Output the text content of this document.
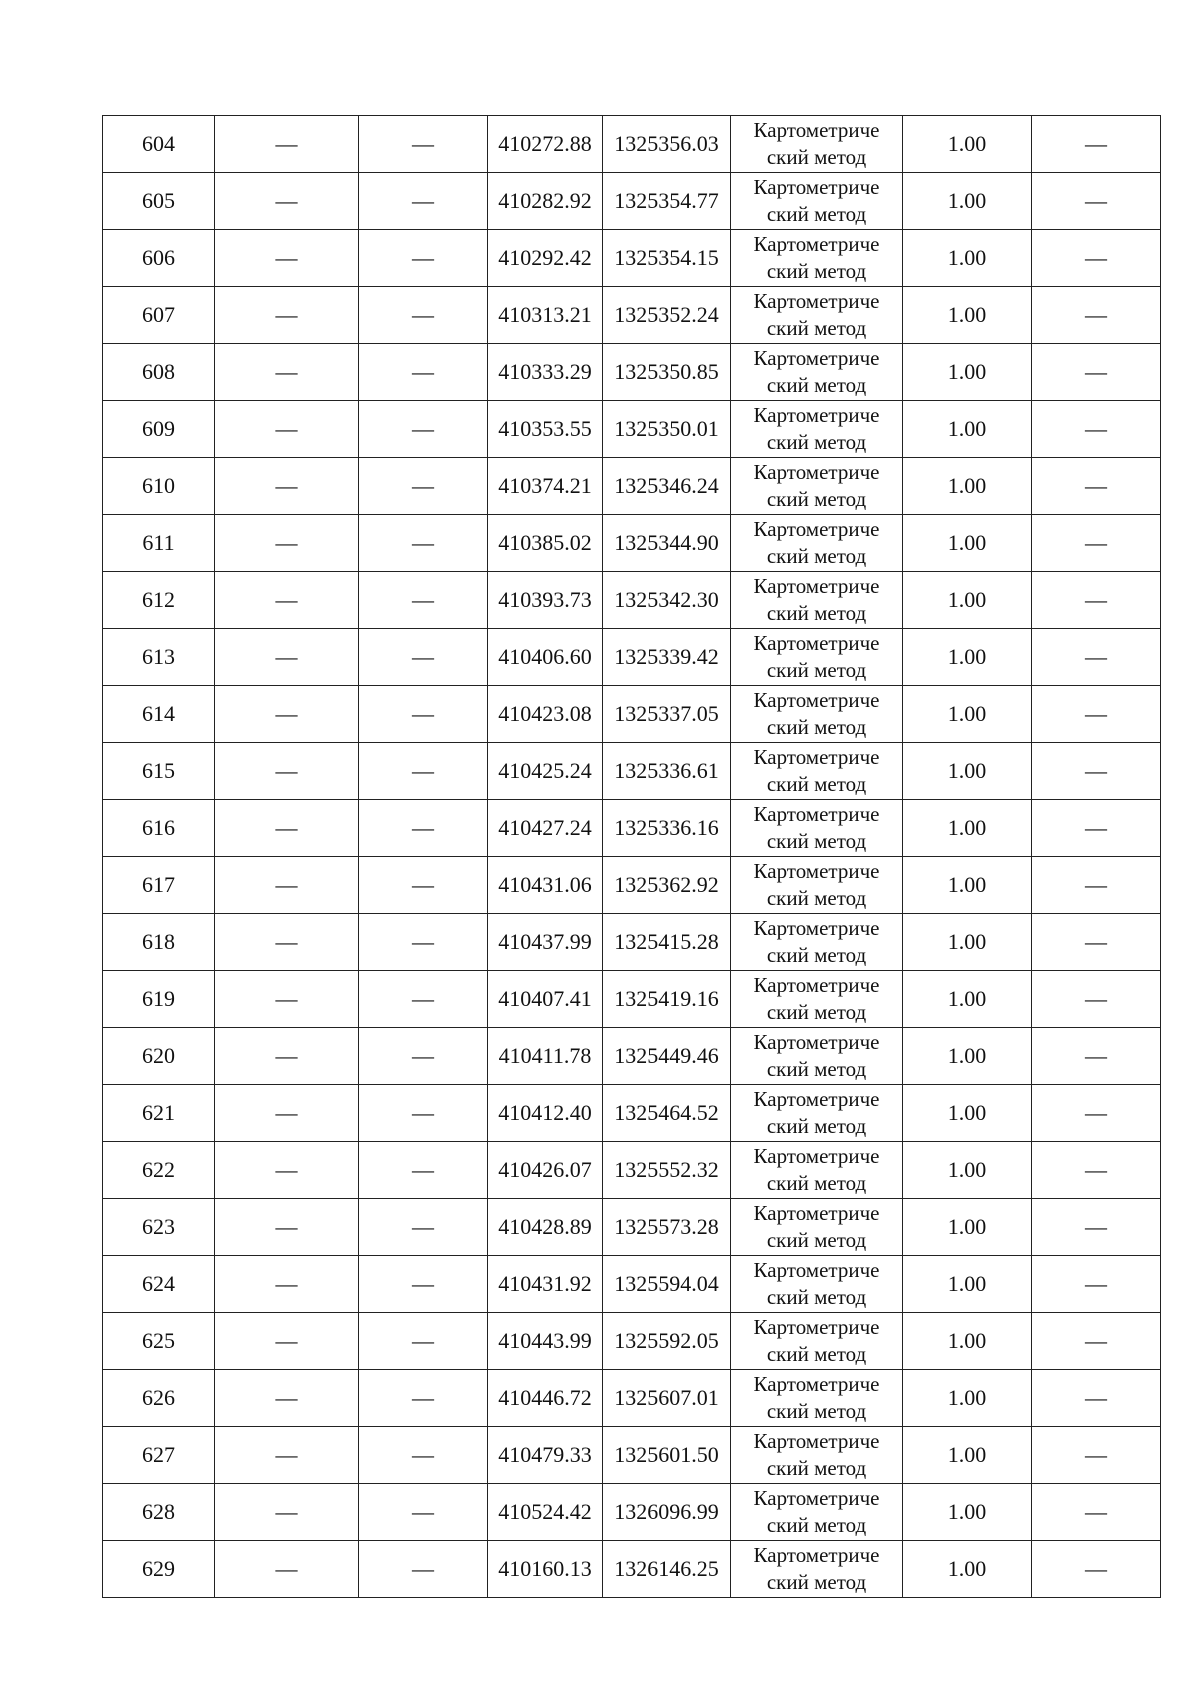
604	—	—	410272.88	1325356.03	Картометриче
ский метод	1.00	—
605	—	—	410282.92	1325354.77	Картометриче
ский метод	1.00	—
606	—	—	410292.42	1325354.15	Картометриче
ский метод	1.00	—
607	—	—	410313.21	1325352.24	Картометриче
ский метод	1.00	—
608	—	—	410333.29	1325350.85	Картометриче
ский метод	1.00	—
609	—	—	410353.55	1325350.01	Картометриче
ский метод	1.00	—
610	—	—	410374.21	1325346.24	Картометриче
ский метод	1.00	—
611	—	—	410385.02	1325344.90	Картометриче
ский метод	1.00	—
612	—	—	410393.73	1325342.30	Картометриче
ский метод	1.00	—
613	—	—	410406.60	1325339.42	Картометриче
ский метод	1.00	—
614	—	—	410423.08	1325337.05	Картометриче
ский метод	1.00	—
615	—	—	410425.24	1325336.61	Картометриче
ский метод	1.00	—
616	—	—	410427.24	1325336.16	Картометриче
ский метод	1.00	—
617	—	—	410431.06	1325362.92	Картометриче
ский метод	1.00	—
618	—	—	410437.99	1325415.28	Картометриче
ский метод	1.00	—
619	—	—	410407.41	1325419.16	Картометриче
ский метод	1.00	—
620	—	—	410411.78	1325449.46	Картометриче
ский метод	1.00	—
621	—	—	410412.40	1325464.52	Картометриче
ский метод	1.00	—
622	—	—	410426.07	1325552.32	Картометриче
ский метод	1.00	—
623	—	—	410428.89	1325573.28	Картометриче
ский метод	1.00	—
624	—	—	410431.92	1325594.04	Картометриче
ский метод	1.00	—
625	—	—	410443.99	1325592.05	Картометриче
ский метод	1.00	—
626	—	—	410446.72	1325607.01	Картометриче
ский метод	1.00	—
627	—	—	410479.33	1325601.50	Картометриче
ский метод	1.00	—
628	—	—	410524.42	1326096.99	Картометриче
ский метод	1.00	—
629	—	—	410160.13	1326146.25	Картометриче
ский метод	1.00	—
